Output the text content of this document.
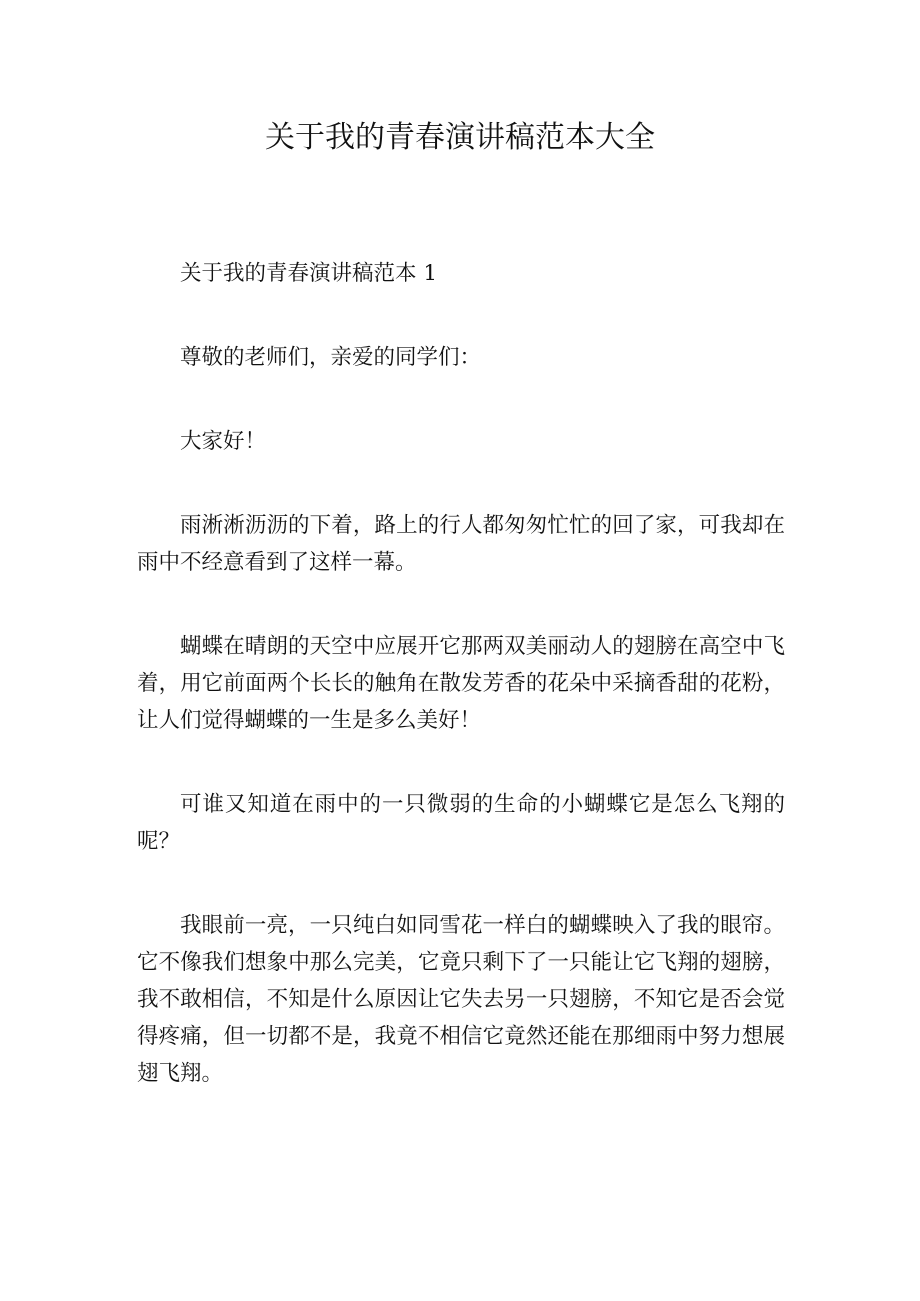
关于我的青春演讲稿范本大全

关于我的青春演讲稿范本 1

尊敬的老师们，亲爱的同学们：

大家好！

雨淅淅沥沥的下着，路上的行人都匆匆忙忙的回了家，可我却在雨中不经意看到了这样一幕。

蝴蝶在晴朗的天空中应展开它那两双美丽动人的翅膀在高空中飞着，用它前面两个长长的触角在散发芳香的花朵中采摘香甜的花粉，让人们觉得蝴蝶的一生是多么美好！

可谁又知道在雨中的一只微弱的生命的小蝴蝶它是怎么飞翔的呢？

我眼前一亮，一只纯白如同雪花一样白的蝴蝶映入了我的眼帘。它不像我们想象中那么完美，它竟只剩下了一只能让它飞翔的翅膀，我不敢相信，不知是什么原因让它失去另一只翅膀，不知它是否会觉得疼痛，但一切都不是，我竟不相信它竟然还能在那细雨中努力想展翅飞翔。
